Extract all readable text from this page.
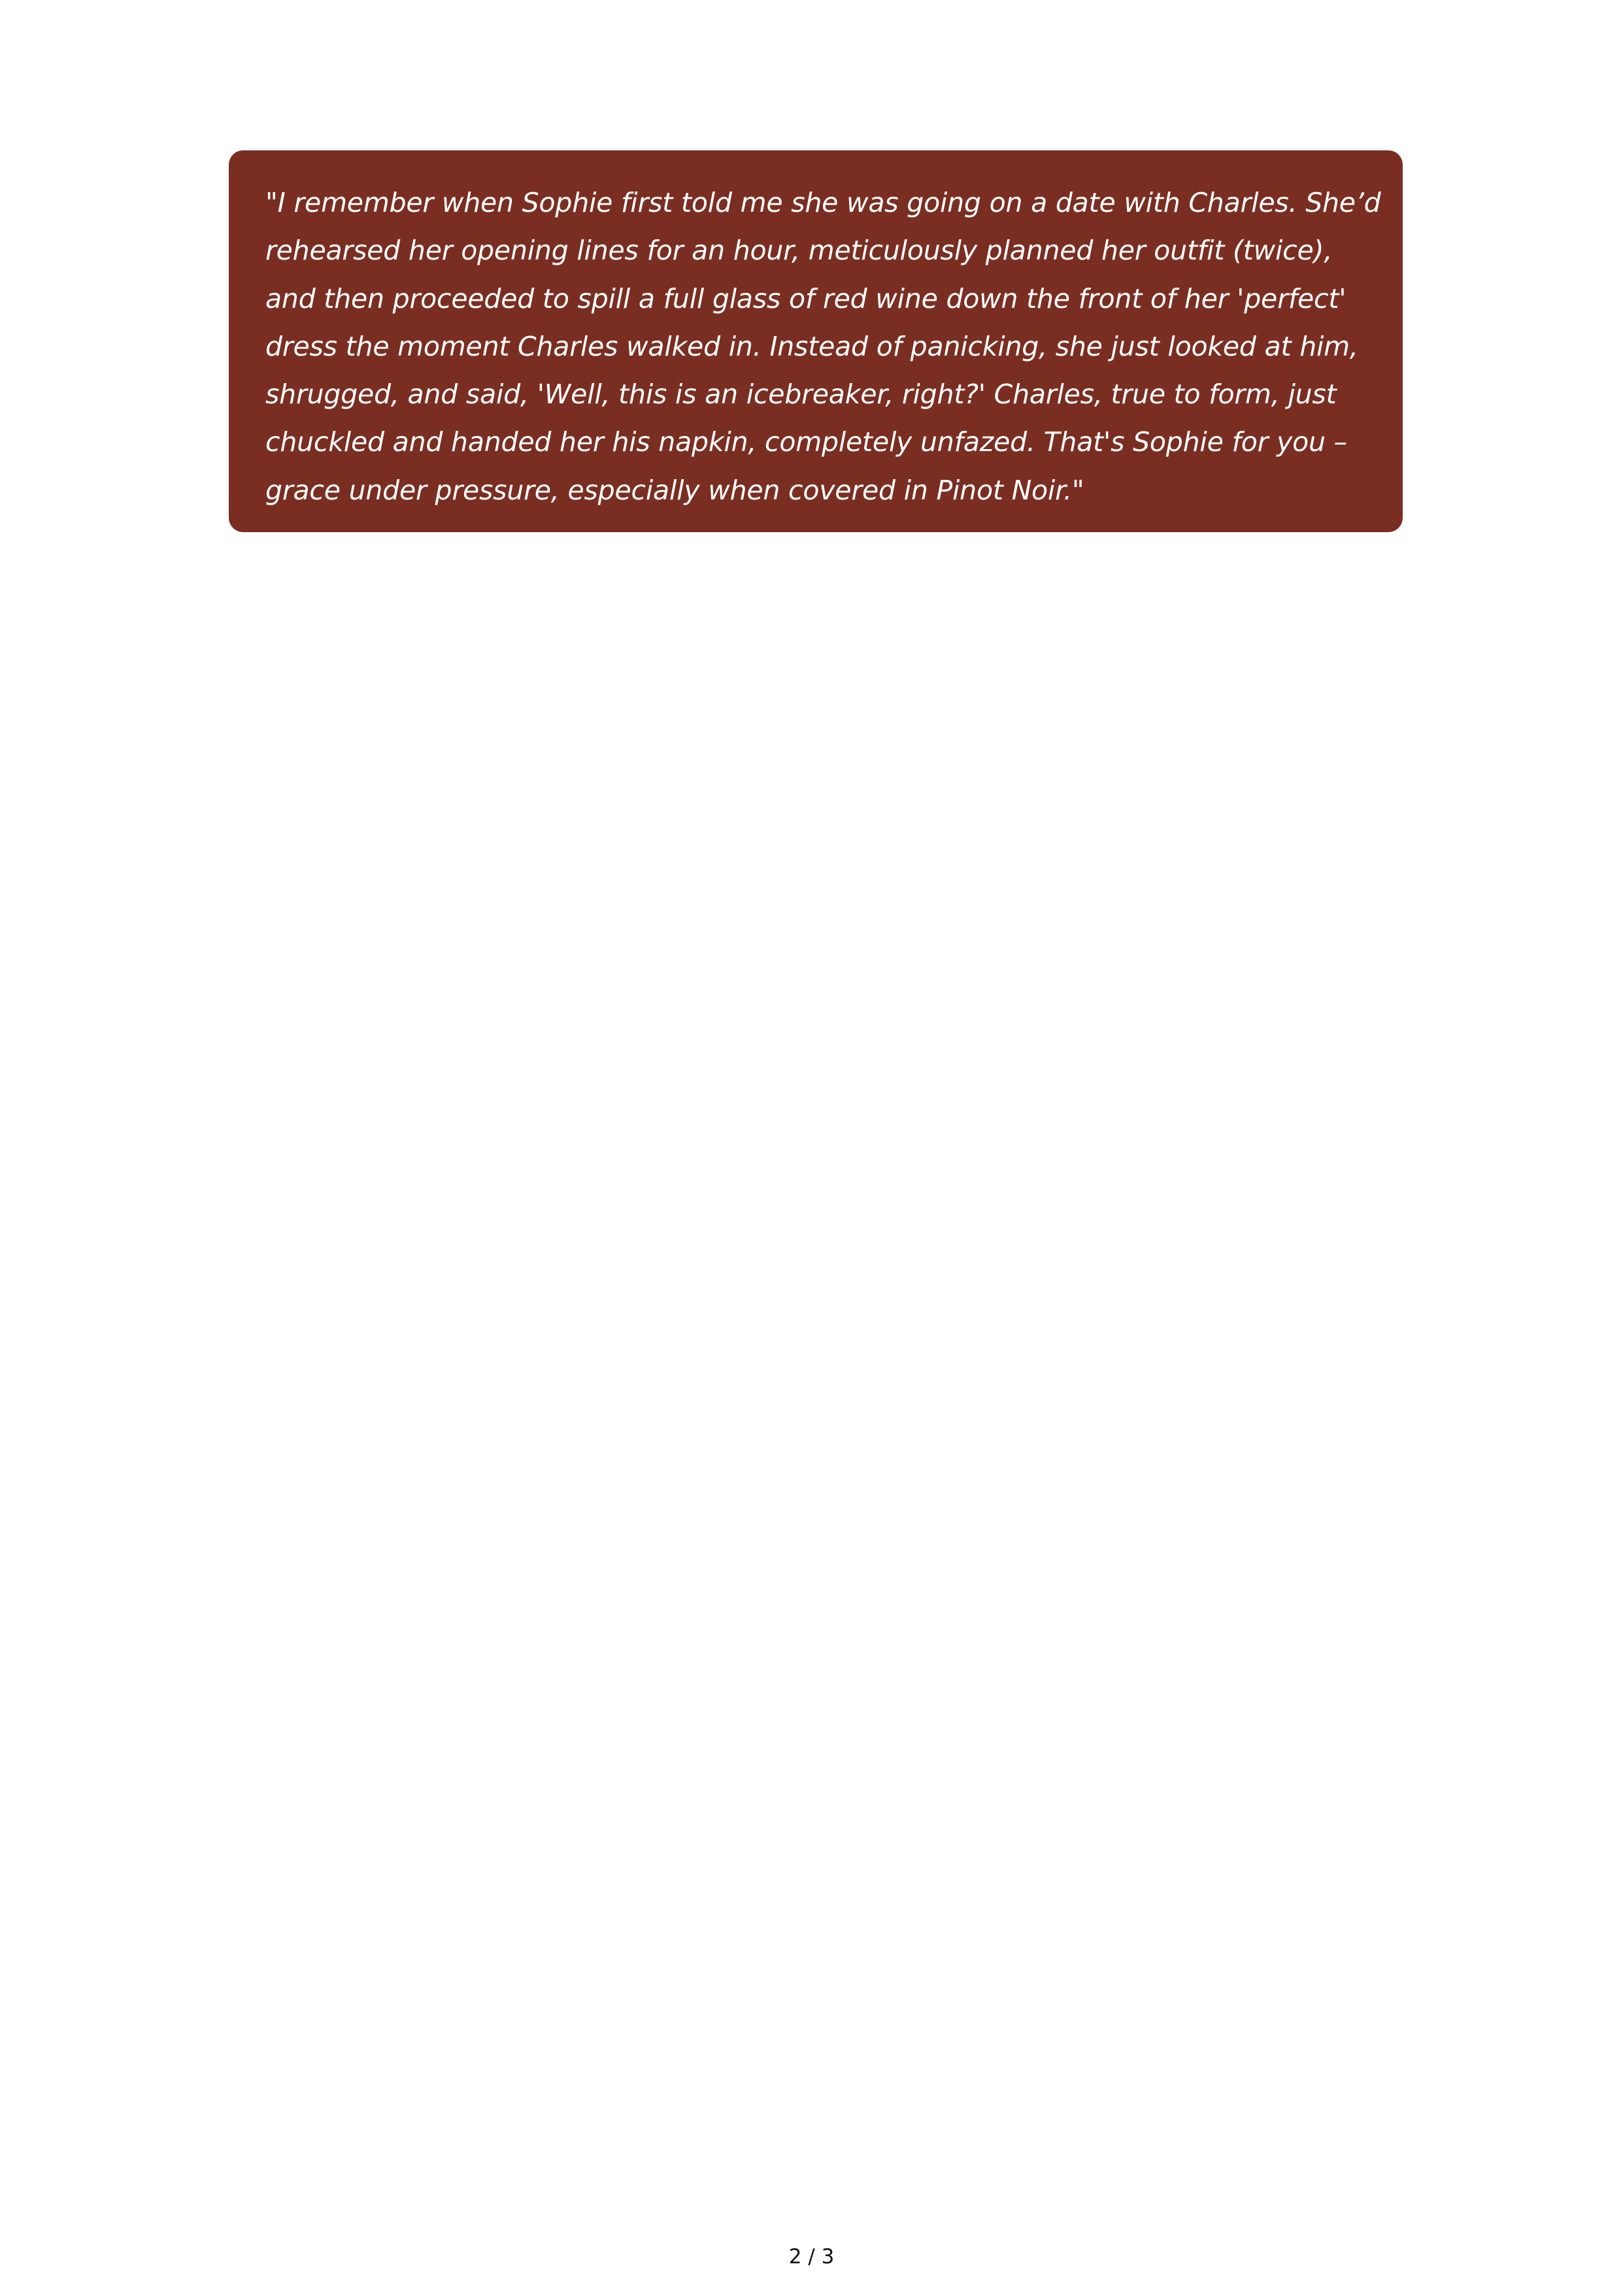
"I remember when Sophie first told me she was going on a date with Charles. She’d
rehearsed her opening lines for an hour, meticulously planned her outfit (twice),
and then proceeded to spill a full glass of red wine down the front of her 'perfect'
dress the moment Charles walked in. Instead of panicking, she just looked at him,
shrugged, and said, 'Well, this is an icebreaker, right?' Charles, true to form, just
chuckled and handed her his napkin, completely unfazed. That's Sophie for you –
grace under pressure, especially when covered in Pinot Noir."
2 / 3
